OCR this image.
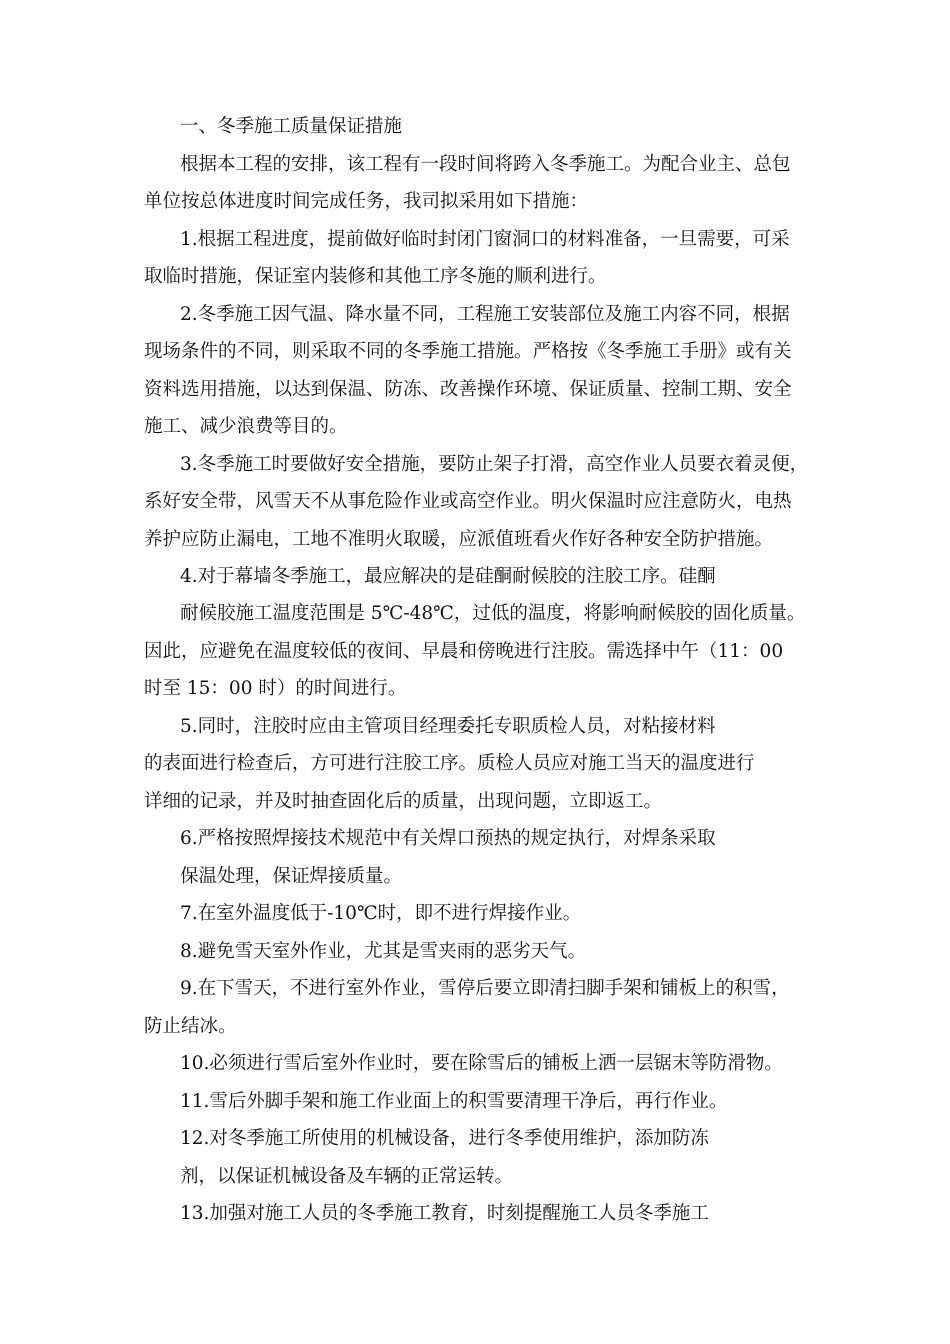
一、冬季施工质量保证措施
根据本工程的安排，该工程有一段时间将跨入冬季施工。为配合业主、总包
单位按总体进度时间完成任务，我司拟采用如下措施：
1.根据工程进度，提前做好临时封闭门窗洞口的材料准备，一旦需要，可采
取临时措施，保证室内装修和其他工序冬施的顺利进行。
2.冬季施工因气温、降水量不同，工程施工安装部位及施工内容不同，根据
现场条件的不同，则采取不同的冬季施工措施。严格按《冬季施工手册》或有关
资料选用措施，以达到保温、防冻、改善操作环境、保证质量、控制工期、安全
施工、减少浪费等目的。
3.冬季施工时要做好安全措施，要防止架子打滑，高空作业人员要衣着灵便，
系好安全带，风雪天不从事危险作业或高空作业。明火保温时应注意防火，电热
养护应防止漏电，工地不准明火取暖，应派值班看火作好各种安全防护措施。
4.对于幕墙冬季施工，最应解决的是硅酮耐候胶的注胶工序。硅酮
耐候胶施工温度范围是 5℃-48℃，过低的温度，将影响耐候胶的固化质量。
因此，应避免在温度较低的夜间、早晨和傍晚进行注胶。需选择中午（11：00
时至 15：00 时）的时间进行。
5.同时，注胶时应由主管项目经理委托专职质检人员，对粘接材料
的表面进行检查后，方可进行注胶工序。质检人员应对施工当天的温度进行
详细的记录，并及时抽查固化后的质量，出现问题，立即返工。
6.严格按照焊接技术规范中有关焊口预热的规定执行，对焊条采取
保温处理，保证焊接质量。
7.在室外温度低于-10℃时，即不进行焊接作业。
8.避免雪天室外作业，尤其是雪夹雨的恶劣天气。
9.在下雪天，不进行室外作业，雪停后要立即清扫脚手架和铺板上的积雪，
防止结冰。
10.必须进行雪后室外作业时，要在除雪后的铺板上洒一层锯末等防滑物。
11.雪后外脚手架和施工作业面上的积雪要清理干净后，再行作业。
12.对冬季施工所使用的机械设备，进行冬季使用维护，添加防冻
剂，以保证机械设备及车辆的正常运转。
13.加强对施工人员的冬季施工教育，时刻提醒施工人员冬季施工
